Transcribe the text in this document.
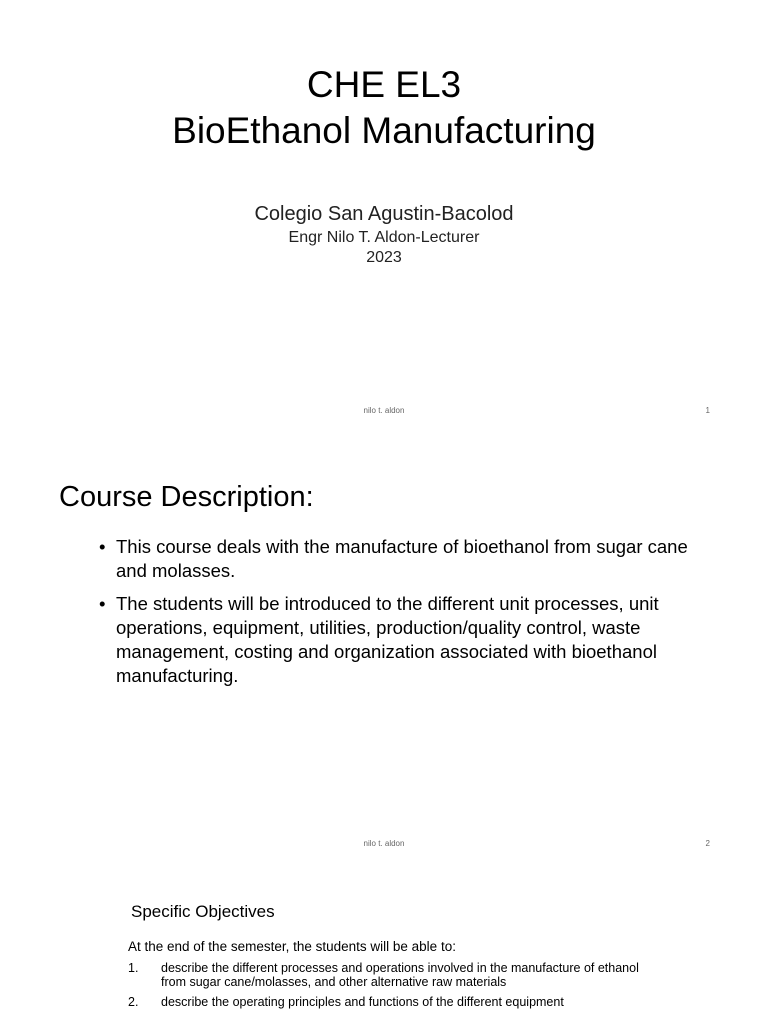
CHE EL3
BioEthanol Manufacturing
Colegio San Agustin-Bacolod
Engr Nilo T. Aldon-Lecturer
2023
nilo t. aldon	1
Course Description:
• This course deals with the manufacture of bioethanol from sugar cane and molasses.
• The students will be introduced to the different unit processes, unit operations, equipment, utilities, production/quality control, waste management, costing and organization associated with bioethanol manufacturing.
nilo t. aldon	2
Specific Objectives
At the end of the semester, the students will be able to:
1. describe the different processes and operations involved in the manufacture of ethanol from sugar cane/molasses, and other alternative raw materials
2. describe the operating principles and functions of the different equipment
